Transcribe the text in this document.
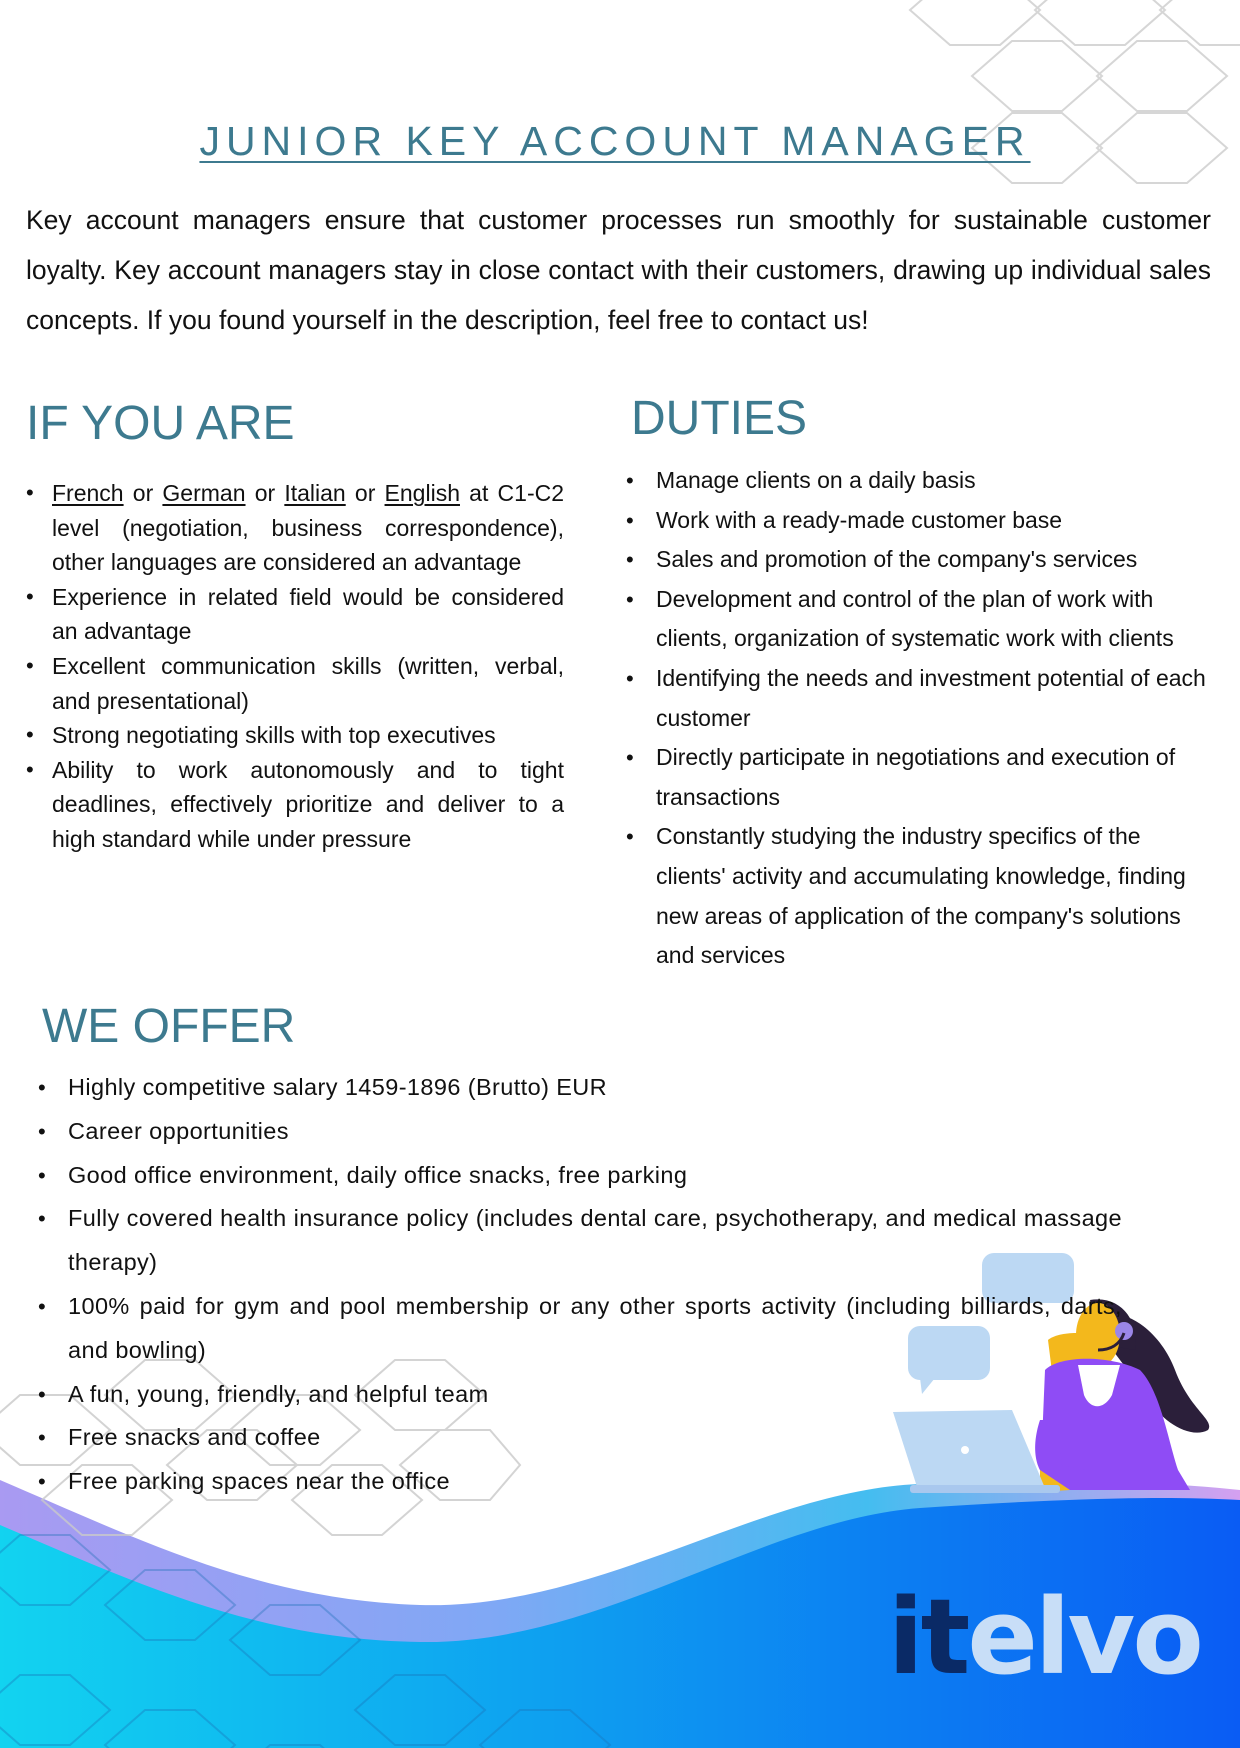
JUNIOR KEY ACCOUNT MANAGER

Key account managers ensure that customer processes run smoothly for sustainable customer loyalty. Key account managers stay in close contact with their customers, drawing up individual sales concepts. If you found yourself in the description, feel free to contact us!

IF YOU ARE
• French or German or Italian or English at C1-C2 level (negotiation, business correspondence), other languages are considered an advantage
• Experience in related field would be considered an advantage
• Excellent communication skills (written, verbal, and presentational)
• Strong negotiating skills with top executives
• Ability to work autonomously and to tight deadlines, effectively prioritize and deliver to a high standard while under pressure
DUTIES
• Manage clients on a daily basis
• Work with a ready-made customer base
• Sales and promotion of the company's services
• Development and control of the plan of work with clients, organization of systematic work with clients
• Identifying the needs and investment potential of each customer
• Directly participate in negotiations and execution of transactions
• Constantly studying the industry specifics of the clients' activity and accumulating knowledge, finding new areas of application of the company's solutions and services
WE OFFER
• Highly competitive salary 1459-1896 (Brutto) EUR
• Career opportunities
• Good office environment, daily office snacks, free parking
• Fully covered health insurance policy (includes dental care, psychotherapy, and medical massage therapy)
• 100% paid for gym and pool membership or any other sports activity (including billiards, darts, and bowling)
• A fun, young, friendly, and helpful team
• Free snacks and coffee
• Free parking spaces near the office

itelvo
